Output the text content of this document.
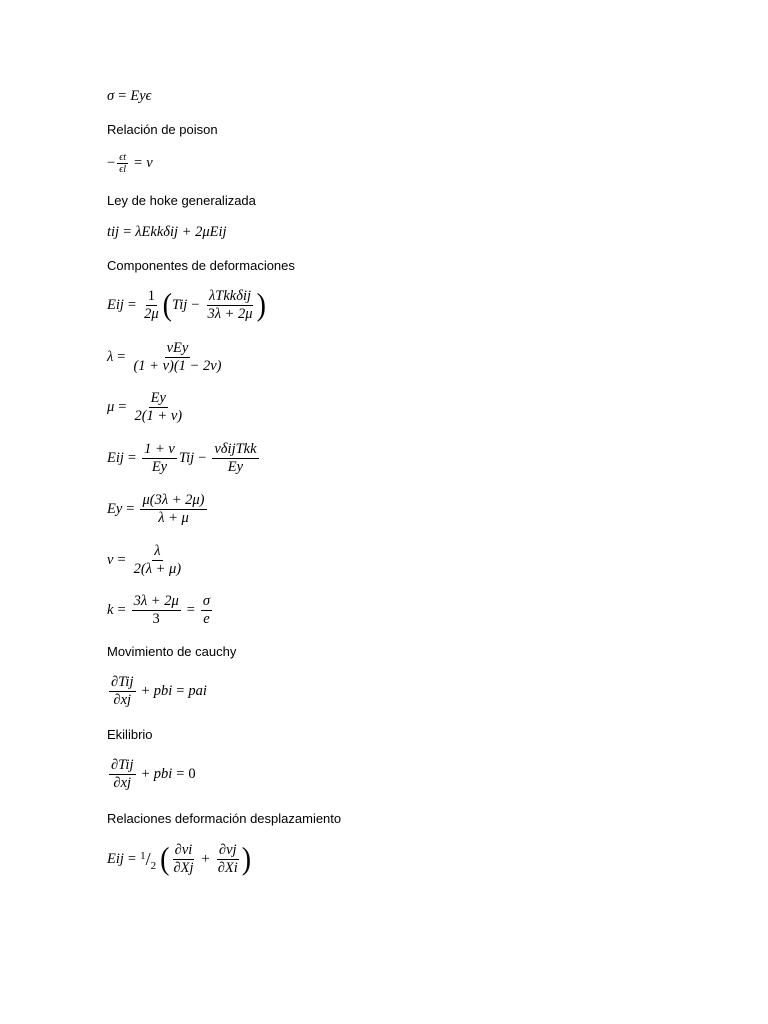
σ = Eyϵ
Relación de poison
− $\frac{\epsilon t}{\epsilon l} = v$
Ley de hoke generalizada
tij = λEkkδij + 2μEij
Componentes de deformaciones
Eij = $\frac{1}{2\mu}$ ( Tij − $\frac{\text{λTkkδij}}{3\lambda + 2\mu}$ )
$\lambda = \frac{\text{vEy}}{(1 + v)(1 - 2v)}$
$\mu = \frac{Ey}{2(1 + v)}$
Eij = $\frac{1 + v}{Ey}$ Tij − $\frac{\text{vδijTkk}}{Ey}$
$Ey = \frac{\mu(3\lambda + 2\mu)}{\lambda + \mu}$
$v = \frac{\lambda}{2(\lambda + \mu)}$
$k = \frac{3\lambda + 2\mu}{3} = \frac{\sigma}{e}$
Movimiento de cauchy
$\frac{\text{∂Tij}}{\partial xj}$ + pbi = pai
Ekilibrio
$\frac{\text{∂Tij}}{\partial xj}$ + pbi = 0
Relaciones deformación desplazamiento
Eij = $^1/_2$ ( $\frac{\partial vi}{\partial Xj} + \frac{\partial vj}{\partial Xi}$ )
